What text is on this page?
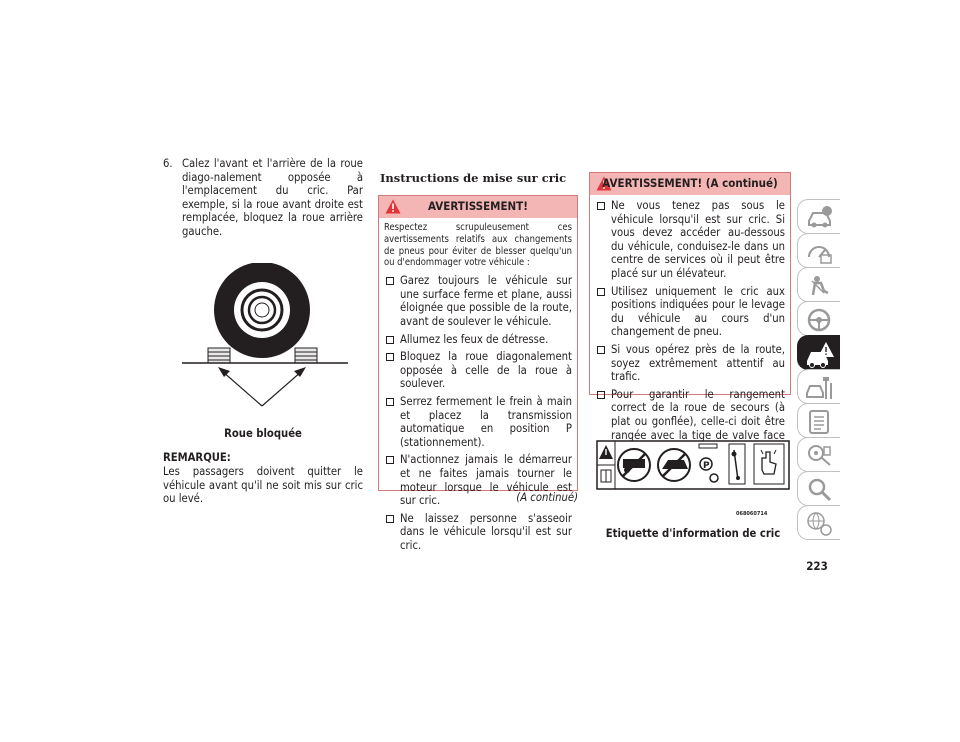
6. Calez l'avant et l'arrière de la roue diago-nalement opposée à l'emplacement du cric. Par exemple, si la roue avant droite est remplacée, bloquez la roue arrière gauche.
Roue bloquée
REMARQUE:
Les passagers doivent quitter le véhicule avant qu'il ne soit mis sur cric ou levé.
Instructions de mise sur cric
AVERTISSEMENT!
Respectez scrupuleusement ces avertissements relatifs aux changements de pneus pour éviter de blesser quelqu'un ou d'endommager votre véhicule :
Garez toujours le véhicule sur une surface ferme et plane, aussi éloignée que possible de la route, avant de soulever le véhicule.
Allumez les feux de détresse.
Bloquez la roue diagonalement opposée à celle de la roue à soulever.
Serrez fermement le frein à main et placez la transmission automatique en position P (stationnement).
N'actionnez jamais le démarreur et ne faites jamais tourner le moteur lorsque le véhicule est sur cric.
Ne laissez personne s'asseoir dans le véhicule lorsqu'il est sur cric.
(A continué)
AVERTISSEMENT! (A continué)
Ne vous tenez pas sous le véhicule lorsqu'il est sur cric. Si vous devez accéder au-dessous du véhicule, conduisez-le dans un centre de services où il peut être placé sur un élévateur.
Utilisez uniquement le cric aux positions indiquées pour le levage du véhicule au cours d'un changement de pneu.
Si vous opérez près de la route, soyez extrêmement attentif au trafic.
Pour garantir le rangement correct de la roue de secours (à plat ou gonflée), celle-ci doit être rangée avec la tige de valve face
P
068060714
Etiquette d'information de cric
223
